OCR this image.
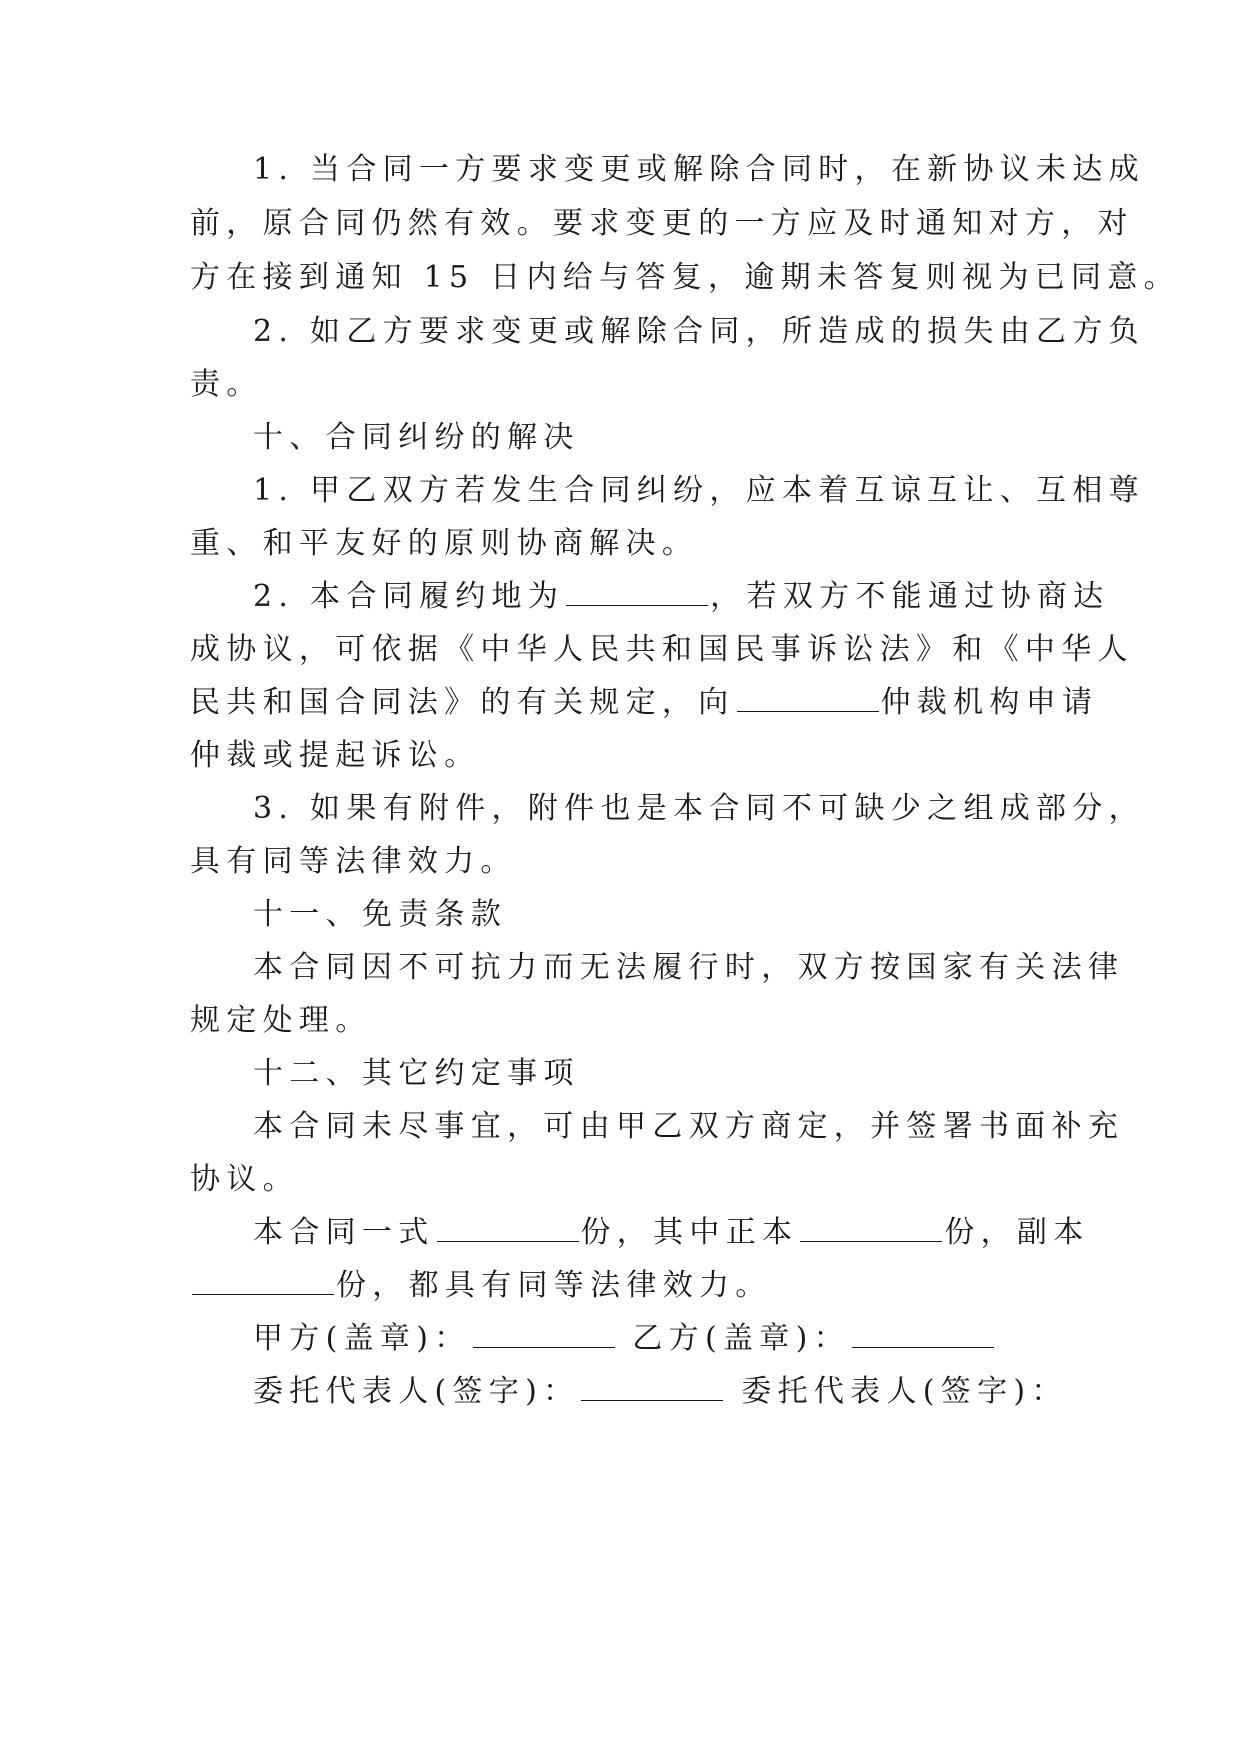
1. 当合同一方要求变更或解除合同时，在新协议未达成
前，原合同仍然有效。要求变更的一方应及时通知对方，对
方在接到通知 15 日内给与答复，逾期未答复则视为已同意。
2. 如乙方要求变更或解除合同，所造成的损失由乙方负
责。
十、合同纠纷的解决
1. 甲乙双方若发生合同纠纷，应本着互谅互让、互相尊
重、和平友好的原则协商解决。
2. 本合同履约地为	，若双方不能通过协商达
成协议，可依据《中华人民共和国民事诉讼法》和《中华人
民共和国合同法》的有关规定，向	仲裁机构申请
仲裁或提起诉讼。
3. 如果有附件，附件也是本合同不可缺少之组成部分，
具有同等法律效力。
十一、免责条款
本合同因不可抗力而无法履行时，双方按国家有关法律
规定处理。
十二、其它约定事项
本合同未尽事宜，可由甲乙双方商定，并签署书面补充
协议。
本合同一式	份，其中正本	份，副本
份，都具有同等法律效力。
甲方(盖章)：	乙方(盖章)：
委托代表人(签字)：	委托代表人(签字)：
